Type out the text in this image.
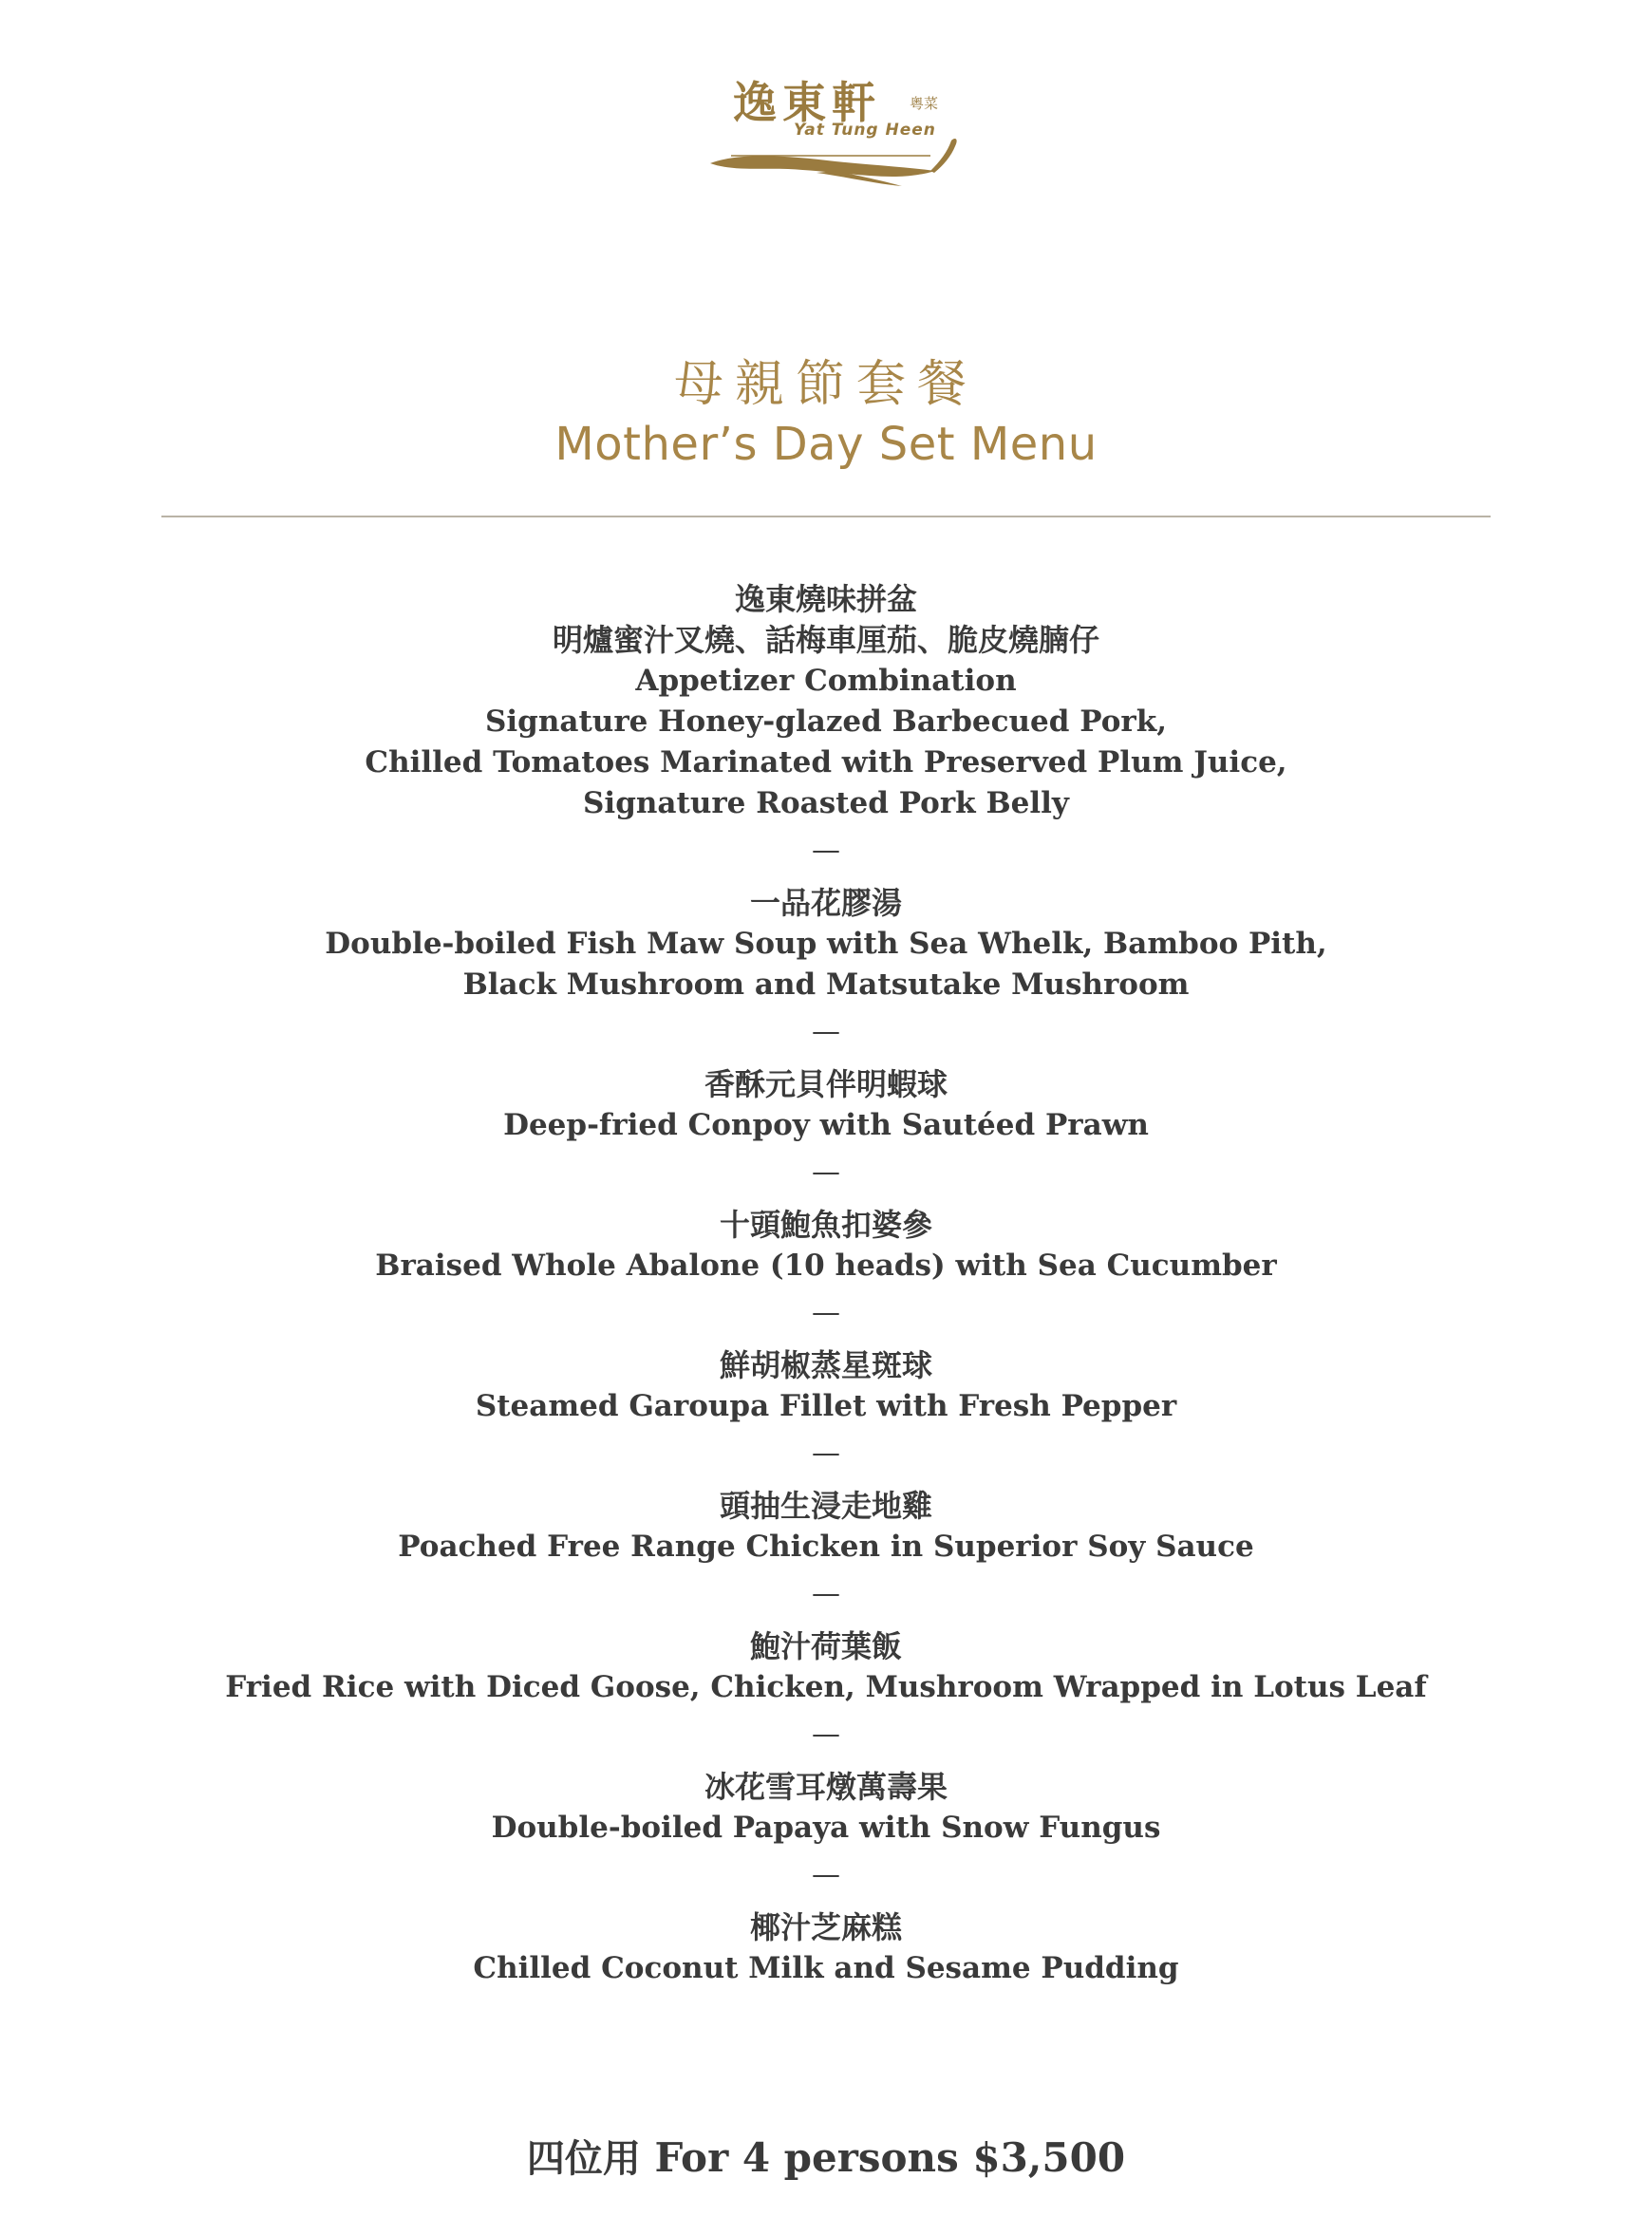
逸東軒 粵菜
Yat Tung Heen
母親節套餐
Mother’s Day Set Menu
逸東燒味拼盆
明爐蜜汁叉燒、話梅車厘茄、脆皮燒腩仔
Appetizer Combination
Signature Honey-glazed Barbecued Pork,
Chilled Tomatoes Marinated with Preserved Plum Juice,
Signature Roasted Pork Belly
—
一品花膠湯
Double-boiled Fish Maw Soup with Sea Whelk, Bamboo Pith,
Black Mushroom and Matsutake Mushroom
—
香酥元貝伴明蝦球
Deep-fried Conpoy with Sautéed Prawn
—
十頭鮑魚扣婆參
Braised Whole Abalone (10 heads) with Sea Cucumber
—
鮮胡椒蒸星斑球
Steamed Garoupa Fillet with Fresh Pepper
—
頭抽生浸走地雞
Poached Free Range Chicken in Superior Soy Sauce
—
鮑汁荷葉飯
Fried Rice with Diced Goose, Chicken, Mushroom Wrapped in Lotus Leaf
—
冰花雪耳燉萬壽果
Double-boiled Papaya with Snow Fungus
—
椰汁芝麻糕
Chilled Coconut Milk and Sesame Pudding
四位用 For 4 persons $3,500
